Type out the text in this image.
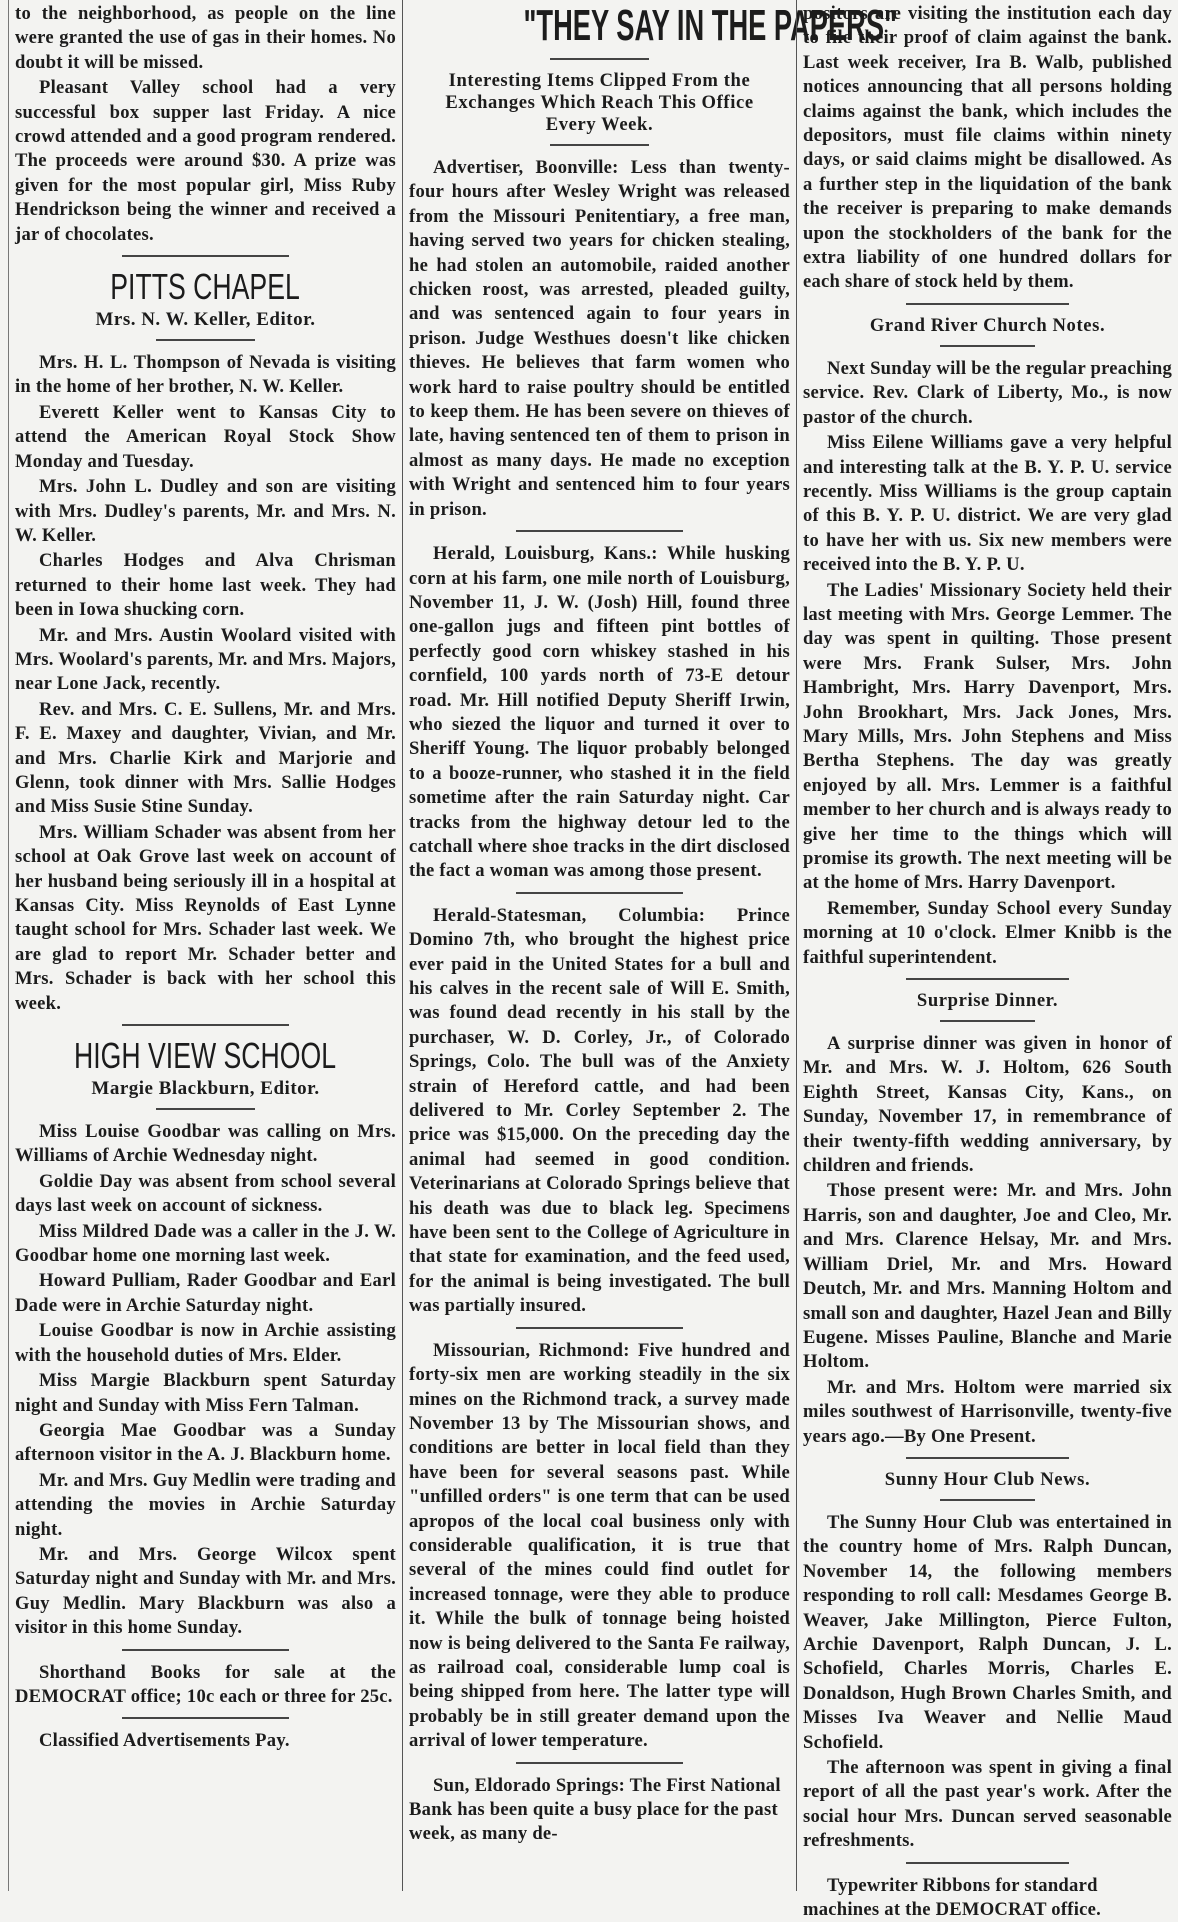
to the neighborhood, as people on the line were granted the use of gas in their homes. No doubt it will be missed.

Pleasant Valley school had a very successful box supper last Friday. A nice crowd attended and a good program rendered. The proceeds were around $30. A prize was given for the most popular girl, Miss Ruby Hendrickson being the winner and received a jar of chocolates.

PITTS CHAPEL
Mrs. N. W. Keller, Editor.

Mrs. H. L. Thompson of Nevada is visiting in the home of her brother, N. W. Keller.

Everett Keller went to Kansas City to attend the American Royal Stock Show Monday and Tuesday.

Mrs. John L. Dudley and son are visiting with Mrs. Dudley's parents, Mr. and Mrs. N. W. Keller.

Charles Hodges and Alva Chrisman returned to their home last week. They had been in Iowa shucking corn.

Mr. and Mrs. Austin Woolard visited with Mrs. Woolard's parents, Mr. and Mrs. Majors, near Lone Jack, recently.

Rev. and Mrs. C. E. Sullens, Mr. and Mrs. F. E. Maxey and daughter, Vivian, and Mr. and Mrs. Charlie Kirk and Marjorie and Glenn, took dinner with Mrs. Sallie Hodges and Miss Susie Stine Sunday.

Mrs. William Schader was absent from her school at Oak Grove last week on account of her husband being seriously ill in a hospital at Kansas City. Miss Reynolds of East Lynne taught school for Mrs. Schader last week. We are glad to report Mr. Schader better and Mrs. Schader is back with her school this week.

HIGH VIEW SCHOOL
Margie Blackburn, Editor.

Miss Louise Goodbar was calling on Mrs. Williams of Archie Wednesday night.

Goldie Day was absent from school several days last week on account of sickness.

Miss Mildred Dade was a caller in the J. W. Goodbar home one morning last week.

Howard Pulliam, Rader Goodbar and Earl Dade were in Archie Saturday night.

Louise Goodbar is now in Archie assisting with the household duties of Mrs. Elder.

Miss Margie Blackburn spent Saturday night and Sunday with Miss Fern Talman.

Georgia Mae Goodbar was a Sunday afternoon visitor in the A. J. Blackburn home.

Mr. and Mrs. Guy Medlin were trading and attending the movies in Archie Saturday night.

Mr. and Mrs. George Wilcox spent Saturday night and Sunday with Mr. and Mrs. Guy Medlin. Mary Blackburn was also a visitor in this home Sunday.

Shorthand Books for sale at the DEMOCRAT office; 10c each or three for 25c.

Classified Advertisements Pay.

"THEY SAY IN THE PAPERS"
Interesting Items Clipped From the Exchanges Which Reach This Office Every Week.

Advertiser, Boonville: Less than twenty-four hours after Wesley Wright was released from the Missouri Penitentiary, a free man, having served two years for chicken stealing, he had stolen an automobile, raided another chicken roost, was arrested, pleaded guilty, and was sentenced again to four years in prison. Judge Westhues doesn't like chicken thieves. He believes that farm women who work hard to raise poultry should be entitled to keep them. He has been severe on thieves of late, having sentenced ten of them to prison in almost as many days. He made no exception with Wright and sentenced him to four years in prison.

Herald, Louisburg, Kans.: While husking corn at his farm, one mile north of Louisburg, November 11, J. W. (Josh) Hill, found three one-gallon jugs and fifteen pint bottles of perfectly good corn whiskey stashed in his cornfield, 100 yards north of 73-E detour road. Mr. Hill notified Deputy Sheriff Irwin, who siezed the liquor and turned it over to Sheriff Young. The liquor probably belonged to a booze-runner, who stashed it in the field sometime after the rain Saturday night. Car tracks from the highway detour led to the catchall where shoe tracks in the dirt disclosed the fact a woman was among those present.

Herald-Statesman, Columbia: Prince Domino 7th, who brought the highest price ever paid in the United States for a bull and his calves in the recent sale of Will E. Smith, was found dead recently in his stall by the purchaser, W. D. Corley, Jr., of Colorado Springs, Colo. The bull was of the Anxiety strain of Hereford cattle, and had been delivered to Mr. Corley September 2. The price was $15,000. On the preceding day the animal had seemed in good condition. Veterinarians at Colorado Springs believe that his death was due to black leg. Specimens have been sent to the College of Agriculture in that state for examination, and the feed used, for the animal is being investigated. The bull was partially insured.

Missourian, Richmond: Five hundred and forty-six men are working steadily in the six mines on the Richmond track, a survey made November 13 by The Missourian shows, and conditions are better in local field than they have been for several seasons past. While "unfilled orders" is one term that can be used apropos of the local coal business only with considerable qualification, it is true that several of the mines could find outlet for increased tonnage, were they able to produce it. While the bulk of tonnage being hoisted now is being delivered to the Santa Fe railway, as railroad coal, considerable lump coal is being shipped from here. The latter type will probably be in still greater demand upon the arrival of lower temperature.

Sun, Eldorado Springs: The First National Bank has been quite a busy place for the past week, as many de-

positors are visiting the institution each day to file their proof of claim against the bank. Last week receiver, Ira B. Walb, published notices announcing that all persons holding claims against the bank, which includes the depositors, must file claims within ninety days, or said claims might be disallowed. As a further step in the liquidation of the bank the receiver is preparing to make demands upon the stockholders of the bank for the extra liability of one hundred dollars for each share of stock held by them.

Grand River Church Notes.

Next Sunday will be the regular preaching service. Rev. Clark of Liberty, Mo., is now pastor of the church.

Miss Eilene Williams gave a very helpful and interesting talk at the B. Y. P. U. service recently. Miss Williams is the group captain of this B. Y. P. U. district. We are very glad to have her with us. Six new members were received into the B. Y. P. U.

The Ladies' Missionary Society held their last meeting with Mrs. George Lemmer. The day was spent in quilting. Those present were Mrs. Frank Sulser, Mrs. John Hambright, Mrs. Harry Davenport, Mrs. John Brookhart, Mrs. Jack Jones, Mrs. Mary Mills, Mrs. John Stephens and Miss Bertha Stephens. The day was greatly enjoyed by all. Mrs. Lemmer is a faithful member to her church and is always ready to give her time to the things which will promise its growth. The next meeting will be at the home of Mrs. Harry Davenport.

Remember, Sunday School every Sunday morning at 10 o'clock. Elmer Knibb is the faithful superintendent.

Surprise Dinner.

A surprise dinner was given in honor of Mr. and Mrs. W. J. Holtom, 626 South Eighth Street, Kansas City, Kans., on Sunday, November 17, in remembrance of their twenty-fifth wedding anniversary, by children and friends.

Those present were: Mr. and Mrs. John Harris, son and daughter, Joe and Cleo, Mr. and Mrs. Clarence Helsay, Mr. and Mrs. William Driel, Mr. and Mrs. Howard Deutch, Mr. and Mrs. Manning Holtom and small son and daughter, Hazel Jean and Billy Eugene. Misses Pauline, Blanche and Marie Holtom.

Mr. and Mrs. Holtom were married six miles southwest of Harrisonville, twenty-five years ago.—By One Present.

Sunny Hour Club News.

The Sunny Hour Club was entertained in the country home of Mrs. Ralph Duncan, November 14, the following members responding to roll call: Mesdames George B. Weaver, Jake Millington, Pierce Fulton, Archie Davenport, Ralph Duncan, J. L. Schofield, Charles Morris, Charles E. Donaldson, Hugh Brown Charles Smith, and Misses Iva Weaver and Nellie Maud Schofield.

The afternoon was spent in giving a final report of all the past year's work. After the social hour Mrs. Duncan served seasonable refreshments.

Typewriter Ribbons for standard machines at the DEMOCRAT office.
